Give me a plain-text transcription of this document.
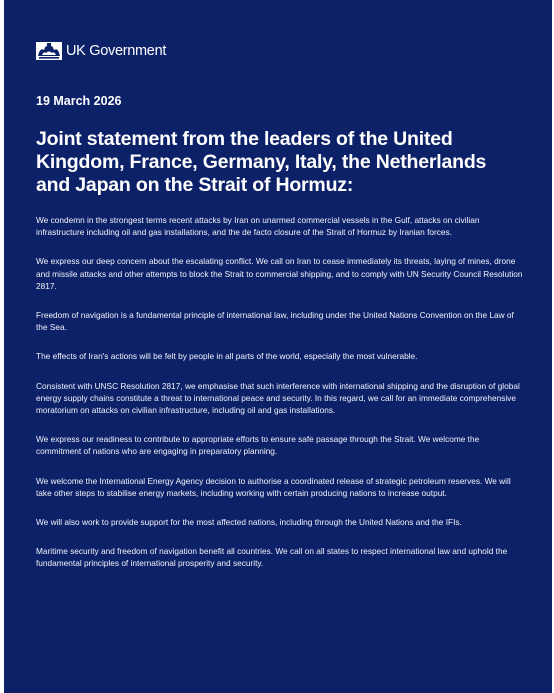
UK Government
19 March 2026
Joint statement from the leaders of the United Kingdom, France, Germany, Italy, the Netherlands and Japan on the Strait of Hormuz:

We condemn in the strongest terms recent attacks by Iran on unarmed commercial vessels in the Gulf, attacks on civilian infrastructure including oil and gas installations, and the de facto closure of the Strait of Hormuz by Iranian forces.

We express our deep concern about the escalating conflict. We call on Iran to cease immediately its threats, laying of mines, drone and missile attacks and other attempts to block the Strait to commercial shipping, and to comply with UN Security Council Resolution 2817.

Freedom of navigation is a fundamental principle of international law, including under the United Nations Convention on the Law of the Sea.

The effects of Iran's actions will be felt by people in all parts of the world, especially the most vulnerable.

Consistent with UNSC Resolution 2817, we emphasise that such interference with international shipping and the disruption of global energy supply chains constitute a threat to international peace and security. In this regard, we call for an immediate comprehensive moratorium on attacks on civilian infrastructure, including oil and gas installations.

We express our readiness to contribute to appropriate efforts to ensure safe passage through the Strait. We welcome the commitment of nations who are engaging in preparatory planning.

We welcome the International Energy Agency decision to authorise a coordinated release of strategic petroleum reserves. We will take other steps to stabilise energy markets, including working with certain producing nations to increase output.

We will also work to provide support for the most affected nations, including through the United Nations and the IFIs.

Maritime security and freedom of navigation benefit all countries. We call on all states to respect international law and uphold the fundamental principles of international prosperity and security.
